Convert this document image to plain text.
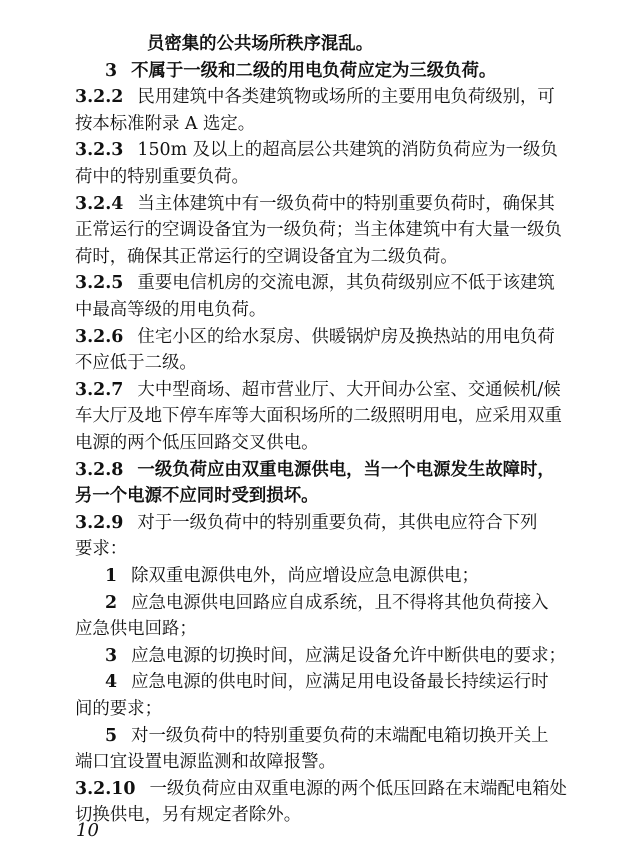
员密集的公共场所秩序混乱。
3 不属于一级和二级的用电负荷应定为三级负荷。
3.2.2 民用建筑中各类建筑物或场所的主要用电负荷级别，可
按本标准附录 A 选定。
3.2.3 150m 及以上的超高层公共建筑的消防负荷应为一级负
荷中的特别重要负荷。
3.2.4 当主体建筑中有一级负荷中的特别重要负荷时，确保其
正常运行的空调设备宜为一级负荷；当主体建筑中有大量一级负
荷时，确保其正常运行的空调设备宜为二级负荷。
3.2.5 重要电信机房的交流电源，其负荷级别应不低于该建筑
中最高等级的用电负荷。
3.2.6 住宅小区的给水泵房、供暖锅炉房及换热站的用电负荷
不应低于二级。
3.2.7 大中型商场、超市营业厅、大开间办公室、交通候机/候
车大厅及地下停车库等大面积场所的二级照明用电，应采用双重
电源的两个低压回路交叉供电。
3.2.8 一级负荷应由双重电源供电，当一个电源发生故障时，
另一个电源不应同时受到损坏。
3.2.9 对于一级负荷中的特别重要负荷，其供电应符合下列
要求：
1 除双重电源供电外，尚应增设应急电源供电；
2 应急电源供电回路应自成系统，且不得将其他负荷接入
应急供电回路；
3 应急电源的切换时间，应满足设备允许中断供电的要求；
4 应急电源的供电时间，应满足用电设备最长持续运行时
间的要求；
5 对一级负荷中的特别重要负荷的末端配电箱切换开关上
端口宜设置电源监测和故障报警。
3.2.10 一级负荷应由双重电源的两个低压回路在末端配电箱处
10
切换供电，另有规定者除外。
